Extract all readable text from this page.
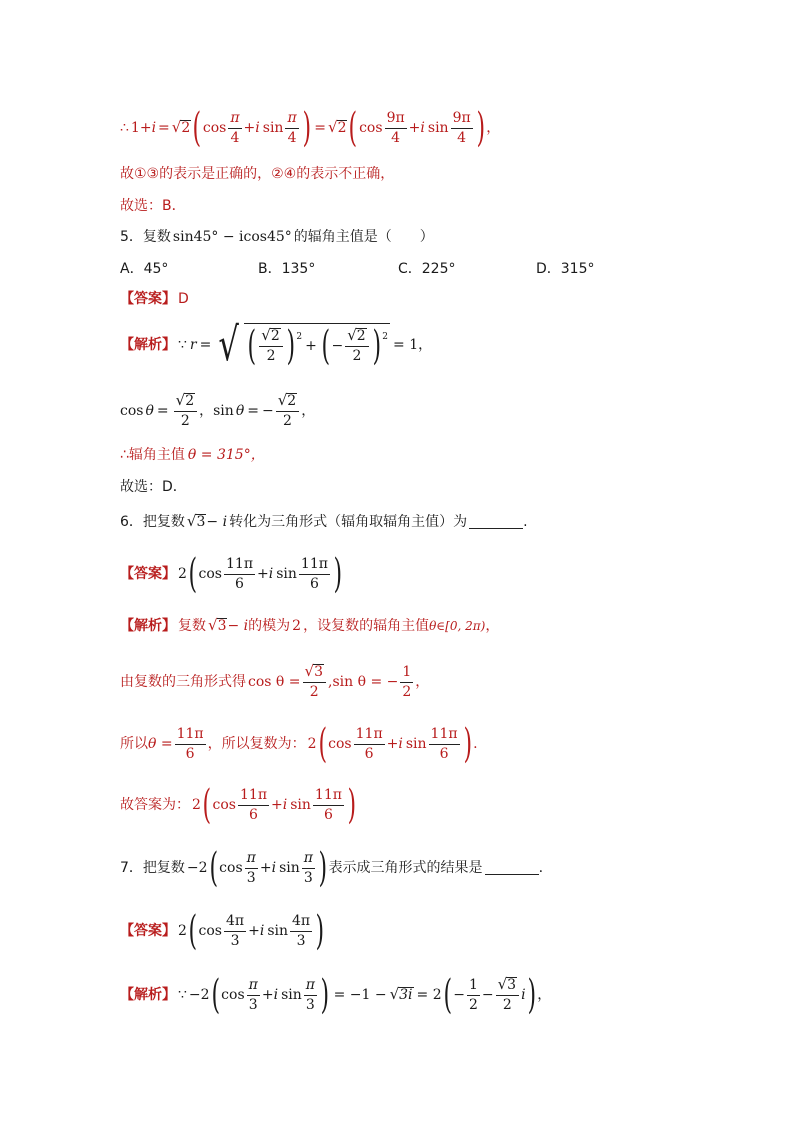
∴ 1+ i = √ 2 ( $\cos \frac{\pi}{4} + i$ $\sin \frac{\pi}{4}$ ) = √ 2 ( $\cos \frac{9\pi}{4} + i$ $\sin \frac{9\pi}{4}$ ) ，
故①③的表示是正确的，②④的表示不正确，
故选：B．
5． 复数 sin45° − icos45° 的辐角主值是（　　）
A．45°	B．135°	C．225°	D．315°
【答案】 D
【解析】 ∵ r = √ ( $\frac{√ 2}{2} )^2$
+ ( − $\frac{√ 2}{2} )^2$
= 1，
$\cos \theta = \frac{√ 2}{2}$ ， sin θ = − $\frac{√ 2}{2}$ ，
∴辐角主值 θ = 315°，
故选：D．
6． 把复数 √ 3 − i 转化为三角形式（辐角取辐角主值）为	.
【答案】 2 ( $\cos \frac{11\pi}{6} + i$ $\sin \frac{11\pi}{6}$ )
【解析】 复数 √ 3 − i 的模为 2 ，设复数的辐角主值 θ∈[0, 2π) ，
由复数的三角形式得 $\cos \theta = \frac{√ 3}{2} ,\sin$ θ = − $\frac{1}{2}$ ，
所以 $\theta = \frac{11\pi}{6}$ ，所以复数为： 2 ( $\cos \frac{11\pi}{6} + i$ $\sin \frac{11\pi}{6}$ ) .
故答案为： 2 ( $\cos \frac{11\pi}{6} + i$ $\sin \frac{11\pi}{6}$ )
7． 把复数 −2 ( $\cos \frac{\pi}{3} + i$ $\sin \frac{\pi}{3}$ ) 表示成三角形式的结果是	.
【答案】 2 ( $\cos \frac{4\pi}{3} + i$ $\sin \frac{4\pi}{3}$ )
【解析】 ∵ −2 ( $\cos \frac{\pi}{3} + i$ $\sin \frac{\pi}{3}$ ) = −1 − √ 3i = 2 ( − $\frac{1}{2} - \frac{√ 3}{2}$ i ) ，
